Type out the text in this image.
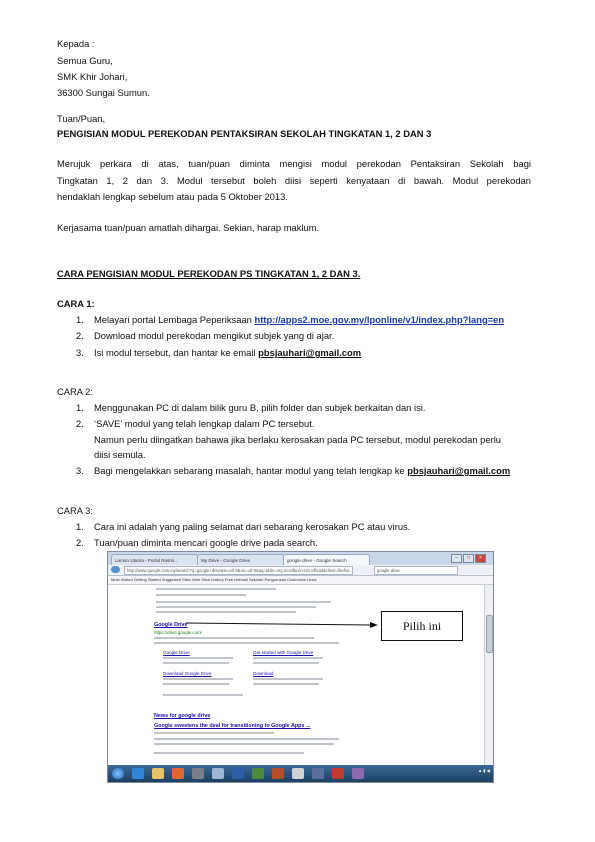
Kepada :
Semua Guru,
SMK Khir Johari,
36300 Sungai Sumun.
Tuan/Puan,
PENGISIAN MODUL PEREKODAN PENTAKSIRAN SEKOLAH TINGKATAN 1, 2 DAN 3
Merujuk perkara di atas, tuan/puan diminta mengisi modul perekodan Pentaksiran Sekolah bagi
Tingkatan 1, 2 dan 3. Modul tersebut boleh diisi seperti kenyataan di bawah. Modul perekodan
hendaklah lengkap sebelum atau pada 5 Oktober 2013.
Kerjasama tuan/puan amatlah dihargai. Sekian, harap maklum.
CARA PENGISIAN MODUL PEREKODAN PS TINGKATAN 1, 2 DAN 3.
CARA 1:
1. Melayari portal Lembaga Peperiksaan http://apps2.moe.gov.my/lponline/v1/index.php?lang=en
2. Download modul perekodan mengikut subjek yang di ajar.
3. Isi modul tersebut, dan hantar ke email pbsjauhari@gmail.com
CARA 2:
1. Menggunakan PC di dalam bilik guru B, pilih folder dan subjek berkaitan dan isi.
2. ‘SAVE’ modul yang telah lengkap dalam PC tersebut.
Namun perlu diingatkan bahawa jika berlaku kerosakan pada PC tersebut, modul perekodan perlu
diisi semula.
3. Bagi mengelakkan sebarang masalah, hantar modul yang telah lengkap ke pbsjauhari@gmail.com
CARA 3:
1. Cara ini adalah yang paling selamat dari sebarang kerosakan PC atau virus.
2. Tuan/puan diminta mencari google drive pada search.
Laman Utama - Portal Rasmi...	My Drive - Google Drive	google drive - Google Search	–	□	×
http://www.google.com.my/search?q=google+drive&ie=utf-8&oe=utf-8&aq=t&rls=org.mozilla:en-US:official&client=firefox-	google drive
Most Visited Getting Started Suggested Sites Web Slice Gallery Free Hotmail Sekolah Pengurusan Customize Links
Google Drive
https://drive.google.com/
Google Drive	Get started with Google Drive
Download Google Drive	Download
News for google drive
Google sweetens the deal for transitioning to Google Apps ...
Pilih ini
▲ ▮ ◀
